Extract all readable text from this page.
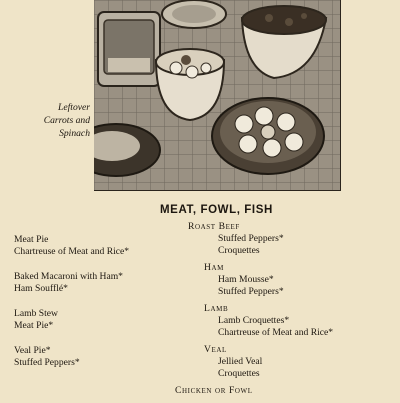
Leftover
Carrots and
Spinach
MEAT, FOWL, FISH
Meat Pie
Chartreuse of Meat and Rice*
Baked Macaroni with Ham*
Ham Soufflé*
Lamb Stew
Meat Pie*
Veal Pie*
Stuffed Peppers*
Roast Beef
Stuffed Peppers*
Croquettes
Ham
Ham Mousse*
Stuffed Peppers*
Lamb
Lamb Croquettes*
Chartreuse of Meat and Rice*
Veal
Jellied Veal
Croquettes
Chicken or Fowl
